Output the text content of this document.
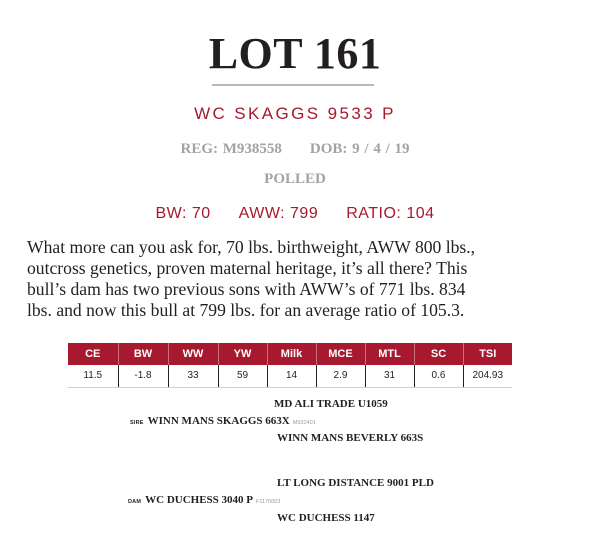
LOT 161
WC SKAGGS 9533 P
REG: M938558 DOB: 9 / 4 / 19
POLLED
BW: 70 AWW: 799 RATIO: 104
What more can you ask for, 70 lbs. birthweight, AWW 800 lbs.,
outcross genetics, proven maternal heritage, it’s all there? This
bull’s dam has two previous sons with AWW’s of 771 lbs. 834
lbs. and now this bull at 799 lbs. for an average ratio of 105.3.
CE	BW	WW	YW	Milk	MCE	MTL	SC	TSI
11.5	-1.8	33	59	14	2.9	31	0.6	204.93
MD ALI TRADE U1059
SIRE WINN MANS SKAGGS 663X M932401
WINN MANS BEVERLY 663S
LT LONG DISTANCE 9001 PLD
DAM WC DUCHESS 3040 P F1170003
WC DUCHESS 1147
